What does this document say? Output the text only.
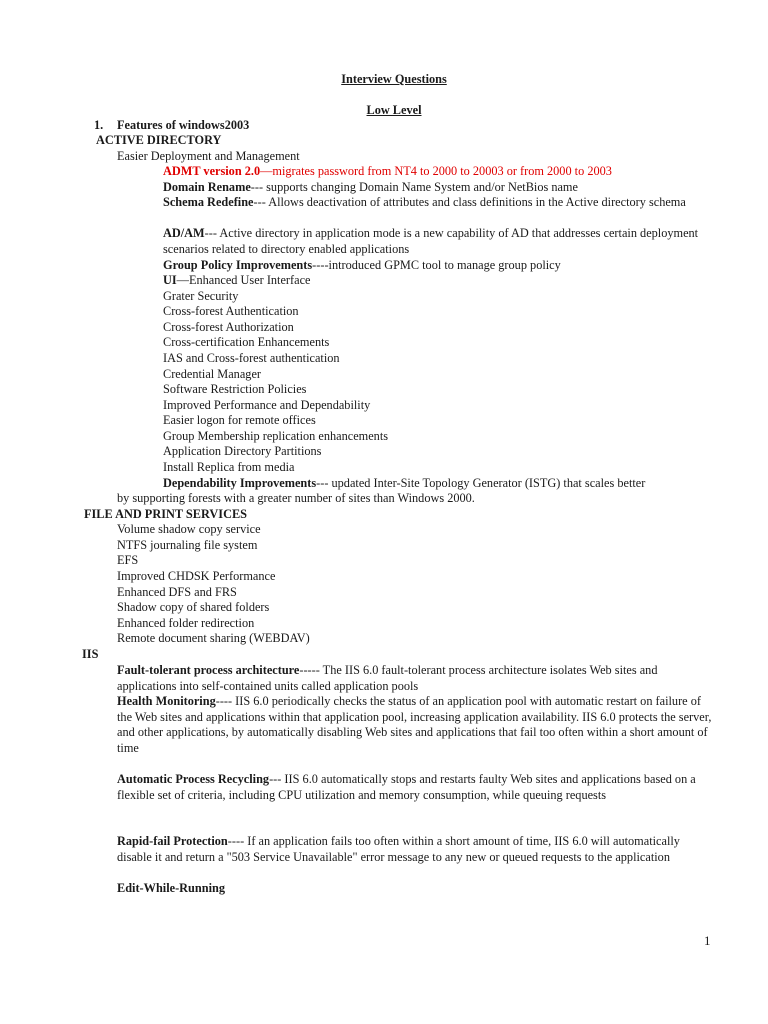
Interview Questions
Low Level
1. Features of windows2003
ACTIVE DIRECTORY
Easier Deployment and Management
ADMT version 2.0—migrates password from NT4 to 2000 to 20003 or from 2000 to 2003
Domain Rename--- supports changing Domain Name System and/or NetBios name
Schema Redefine--- Allows deactivation of attributes and class definitions in the Active directory schema
AD/AM--- Active directory in application mode is a new capability of AD that addresses certain deployment scenarios related to directory enabled applications
Group Policy Improvements----introduced GPMC tool to manage group policy
UI—Enhanced User Interface
Grater Security
Cross-forest Authentication
Cross-forest Authorization
Cross-certification Enhancements
IAS and Cross-forest authentication
Credential Manager
Software Restriction Policies
Improved Performance and Dependability
Easier logon for remote offices
Group Membership replication enhancements
Application Directory Partitions
Install Replica from media
Dependability Improvements--- updated Inter-Site Topology Generator (ISTG) that scales better
by supporting forests with a greater number of sites than Windows 2000.
FILE AND PRINT SERVICES
Volume shadow copy service
NTFS journaling file system
EFS
Improved CHDSK Performance
Enhanced DFS and FRS
Shadow copy of shared folders
Enhanced folder redirection
Remote document sharing (WEBDAV)
IIS
Fault-tolerant process architecture----- The IIS 6.0 fault-tolerant process architecture isolates Web sites and applications into self-contained units called application pools
Health Monitoring---- IIS 6.0 periodically checks the status of an application pool with automatic restart on failure of the Web sites and applications within that application pool, increasing application availability. IIS 6.0 protects the server, and other applications, by automatically disabling Web sites and applications that fail too often within a short amount of time
Automatic Process Recycling--- IIS 6.0 automatically stops and restarts faulty Web sites and applications based on a flexible set of criteria, including CPU utilization and memory consumption, while queuing requests
Rapid-fail Protection---- If an application fails too often within a short amount of time, IIS 6.0 will automatically disable it and return a "503 Service Unavailable" error message to any new or queued requests to the application
Edit-While-Running
1
